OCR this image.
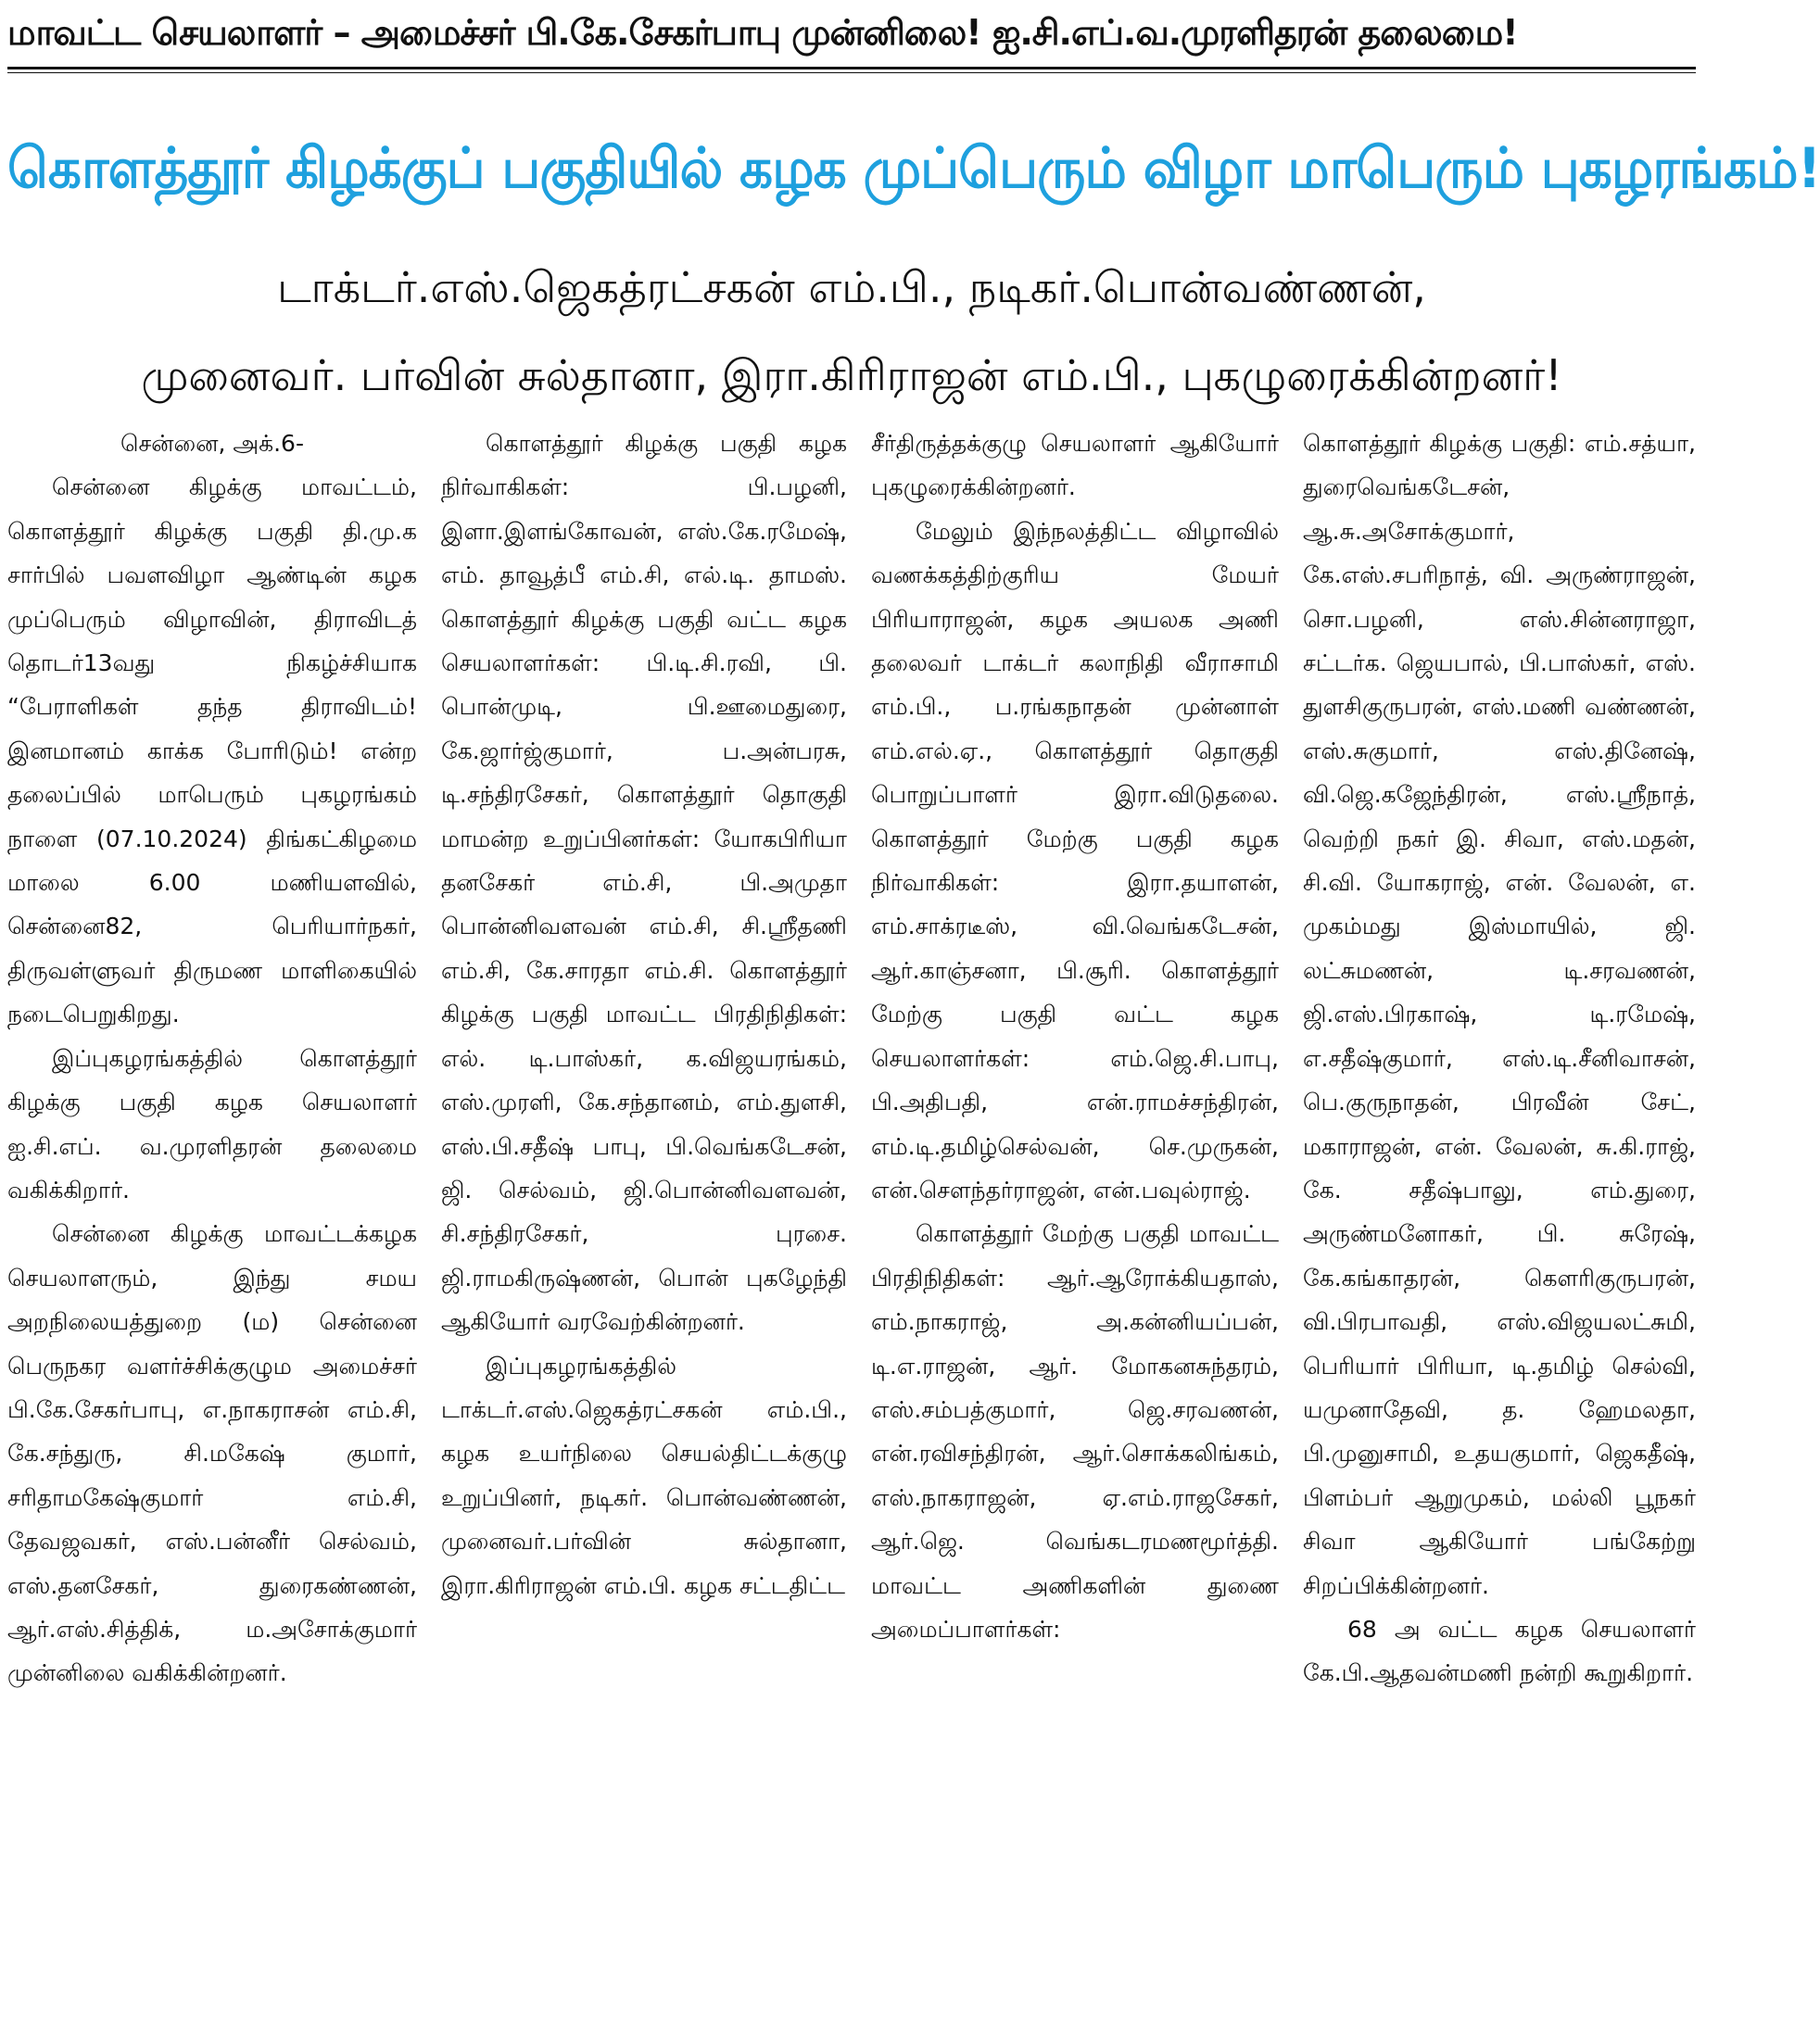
மாவட்ட செயலாளர் – அமைச்சர் பி.கே.சேகர்பாபு முன்னிலை! ஐ.சி.எப்.வ.முரளிதரன் தலைமை!
கொளத்தூர் கிழக்குப் பகுதியில் கழக முப்பெரும் விழா மாபெரும் புகழரங்கம்!
டாக்டர்.எஸ்.ஜெகத்ரட்சகன் எம்.பி., நடிகர்.பொன்வண்ணன்,
முனைவர். பர்வின் சுல்தானா, இரா.கிரிராஜன் எம்.பி., புகழுரைக்கின்றனர்!

சென்னை, அக்.6-

சென்னை கிழக்கு மாவட்டம், கொளத்தூர் கிழக்கு பகுதி தி.மு.க சார்பில் பவளவிழா ஆண்டின் கழக முப்பெரும் விழாவின், திராவிடத் தொடர்13வது நிகழ்ச்சியாக “பேராளிகள் தந்த திராவிடம்! இனமானம் காக்க போரிடும்! என்ற தலைப்பில் மாபெரும் புகழரங்கம் நாளை (07.10.2024) திங்கட்கிழமை மாலை 6.00 மணியளவில், சென்னை82, பெரியார்நகர், திருவள்ளுவர் திருமண மாளிகையில் நடைபெறுகிறது.

இப்புகழரங்கத்தில் கொளத்தூர் கிழக்கு பகுதி கழக செயலாளர் ஐ.சி.எப். வ.முரளிதரன் தலைமை வகிக்கிறார்.

சென்னை கிழக்கு மாவட்டக்கழக செயலாளரும், இந்து சமய அறநிலையத்துறை (ம) சென்னை பெருநகர வளர்ச்சிக்குழும அமைச்சர் பி.கே.சேகர்பாபு, எ.நாகராசன் எம்.சி, கே.சந்துரு, சி.மகேஷ் குமார், சரிதாமகேஷ்குமார் எம்.சி, தேவஜவகர், எஸ்.பன்னீர் செல்வம், எஸ்.தனசேகர், துரைகண்ணன், ஆர்.எஸ்.சித்திக், ம.அசோக்குமார் முன்னிலை வகிக்கின்றனர்.

கொளத்தூர் கிழக்கு பகுதி கழக நிர்வாகிகள்: பி.பழனி, இளா.இளங்கோவன், எஸ்.கே.ரமேஷ், எம். தாவூத்பீ எம்.சி, எல்.டி. தாமஸ். கொளத்தூர் கிழக்கு பகுதி வட்ட கழக செயலாளர்கள்: பி.டி.சி.ரவி, பி. பொன்முடி, பி.ஊமைதுரை, கே.ஜார்ஜ்குமார், ப.அன்பரசு, டி.சந்திரசேகர், கொளத்தூர் தொகுதி மாமன்ற உறுப்பினர்கள்: யோகபிரியா தனசேகர் எம்.சி, பி.அமுதா பொன்னிவளவன் எம்.சி, சி.ஸ்ரீதணி எம்.சி, கே.சாரதா எம்.சி. கொளத்தூர் கிழக்கு பகுதி மாவட்ட பிரதிநிதிகள்: எல். டி.பாஸ்கர், க.விஜயரங்கம், எஸ்.முரளி, கே.சந்தானம், எம்.துளசி, எஸ்.பி.சதீஷ் பாபு, பி.வெங்கடேசன், ஜி. செல்வம், ஜி.பொன்னிவளவன், சி.சந்திரசேகர், புரசை. ஜி.ராமகிருஷ்ணன், பொன் புகழேந்தி ஆகியோர் வரவேற்கின்றனர்.

இப்புகழரங்கத்தில் டாக்டர்.எஸ்.ஜெகத்ரட்சகன் எம்.பி., கழக உயர்நிலை செயல்திட்டக்குழு உறுப்பினர், நடிகர். பொன்வண்ணன், முனைவர்.பர்வின் சுல்தானா, இரா.கிரிராஜன் எம்.பி. கழக சட்டதிட்ட

சீர்திருத்தக்குழு செயலாளர் ஆகியோர் புகழுரைக்கின்றனர்.

மேலும் இந்நலத்திட்ட விழாவில் வணக்கத்திற்குரிய மேயர் பிரியாராஜன், கழக அயலக அணி தலைவர் டாக்டர் கலாநிதி வீராசாமி எம்.பி., ப.ரங்கநாதன் முன்னாள் எம்.எல்.ஏ., கொளத்தூர் தொகுதி பொறுப்பாளர் இரா.விடுதலை. கொளத்தூர் மேற்கு பகுதி கழக நிர்வாகிகள்: இரா.தயாளன், எம்.சாக்ரடீஸ், வி.வெங்கடேசன், ஆர்.காஞ்சனா, பி.சூரி. கொளத்தூர் மேற்கு பகுதி வட்ட கழக செயலாளர்கள்: எம்.ஜெ.சி.பாபு, பி.அதிபதி, என்.ராமச்சந்திரன், எம்.டி.தமிழ்செல்வன், செ.முருகன், என்.சௌந்தர்ராஜன், என்.பவுல்ராஜ்.

கொளத்தூர் மேற்கு பகுதி மாவட்ட பிரதிநிதிகள்: ஆர்.ஆரோக்கியதாஸ், எம்.நாகராஜ், அ.கன்னியப்பன், டி.எ.ராஜன், ஆர். மோகனசுந்தரம், எஸ்.சம்பத்குமார், ஜெ.சரவணன், என்.ரவிசந்திரன், ஆர்.சொக்கலிங்கம், எஸ்.நாகராஜன், ஏ.எம்.ராஜசேகர், ஆர்.ஜெ. வெங்கடரமணமூர்த்தி. மாவட்ட அணிகளின் துணை அமைப்பாளர்கள்:

கொளத்தூர் கிழக்கு பகுதி: எம்.சத்யா, துரைவெங்கடேசன், ஆ.சு.அசோக்குமார், கே.எஸ்.சபரிநாத், வி. அருண்ராஜன், சொ.பழனி, எஸ்.சின்னராஜா, சட்டர்க. ஜெயபால், பி.பாஸ்கர், எஸ். துளசிகுருபரன், எஸ்.மணி வண்ணன், எஸ்.சுகுமார், எஸ்.தினேஷ், வி.ஜெ.கஜேந்திரன், எஸ்.ஸ்ரீநாத், வெற்றி நகர் இ. சிவா, எஸ்.மதன், சி.வி. யோகராஜ், என். வேலன், எ. முகம்மது இஸ்மாயில், ஜி. லட்சுமணன், டி.சரவணன், ஜி.எஸ்.பிரகாஷ், டி.ரமேஷ், எ.சதீஷ்குமார், எஸ்.டி.சீனிவாசன், பெ.குருநாதன், பிரவீன் சேட், மகாராஜன், என். வேலன், சு.கி.ராஜ், கே. சதீஷ்பாலு, எம்.துரை, அருண்மனோகர், பி. சுரேஷ், கே.கங்காதரன், கௌரிகுருபரன், வி.பிரபாவதி, எஸ்.விஜயலட்சுமி, பெரியார் பிரியா, டி.தமிழ் செல்வி, யமுனாதேவி, த. ஹேமலதா, பி.முனுசாமி, உதயகுமார், ஜெகதீஷ், பிளம்பர் ஆறுமுகம், மல்லி பூநகர் சிவா ஆகியோர் பங்கேற்று சிறப்பிக்கின்றனர்.

68 அ வட்ட கழக செயலாளர் கே.பி.ஆதவன்மணி நன்றி கூறுகிறார்.
